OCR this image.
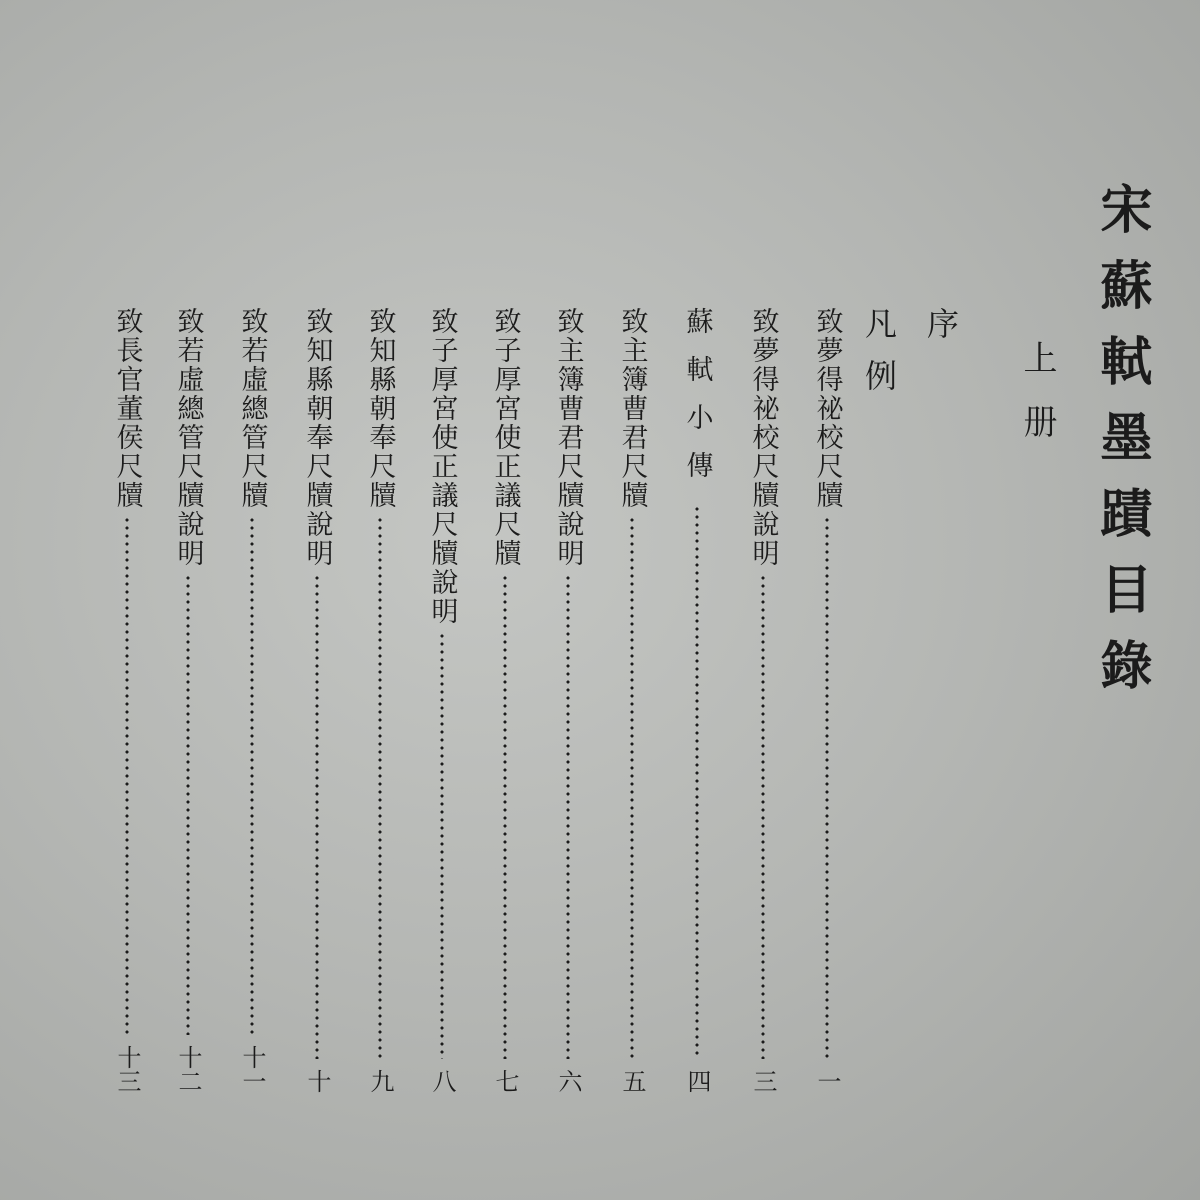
宋蘇軾墨蹟目錄
上册
序
凡例
致夢得祕校尺牘
一
致夢得祕校尺牘說明
三
蘇軾小傳
四
致主簿曹君尺牘
五
致主簿曹君尺牘說明
六
致子厚宮使正議尺牘
七
致子厚宮使正議尺牘說明
八
致知縣朝奉尺牘
九
致知縣朝奉尺牘說明
十
致若虛總管尺牘
十一
致若虛總管尺牘說明
十二
致長官董侯尺牘
十三
